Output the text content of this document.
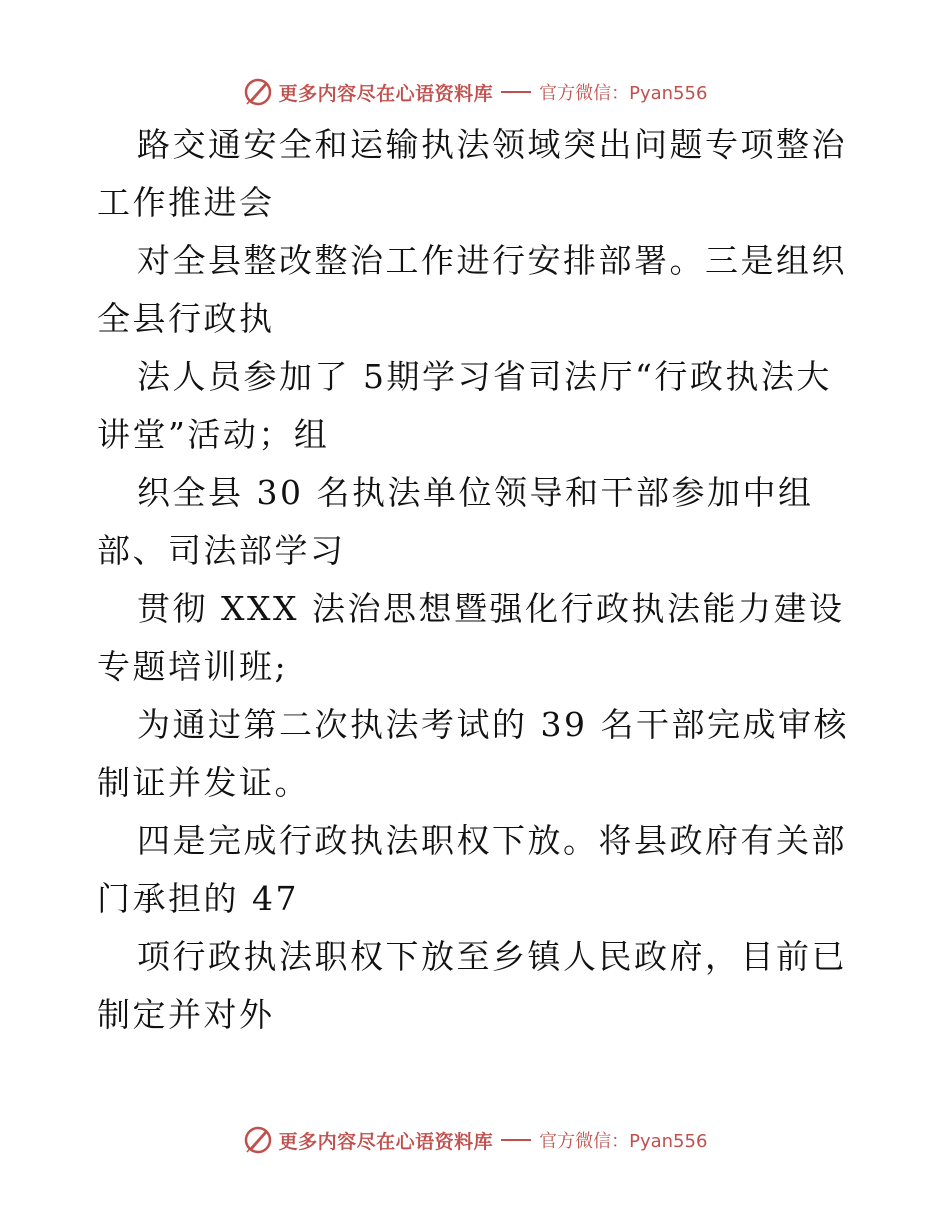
更多内容尽在心语资料库	官方微信：Pyan556

路交通安全和运输执法领域突出问题专项整治工作推进会

对全县整改整治工作进行安排部署。三是组织全县行政执

法人员参加了 5期学习省司法厅“行政执法大讲堂”活动；组

织全县 30 名执法单位领导和干部参加中组部、司法部学习

贯彻 XXX 法治思想暨强化行政执法能力建设专题培训班;

为通过第二次执法考试的 39 名干部完成审核制证并发证。

四是完成行政执法职权下放。将县政府有关部门承担的 47

项行政执法职权下放至乡镇人民政府，目前已制定并对外

更多内容尽在心语资料库	官方微信：Pyan556
